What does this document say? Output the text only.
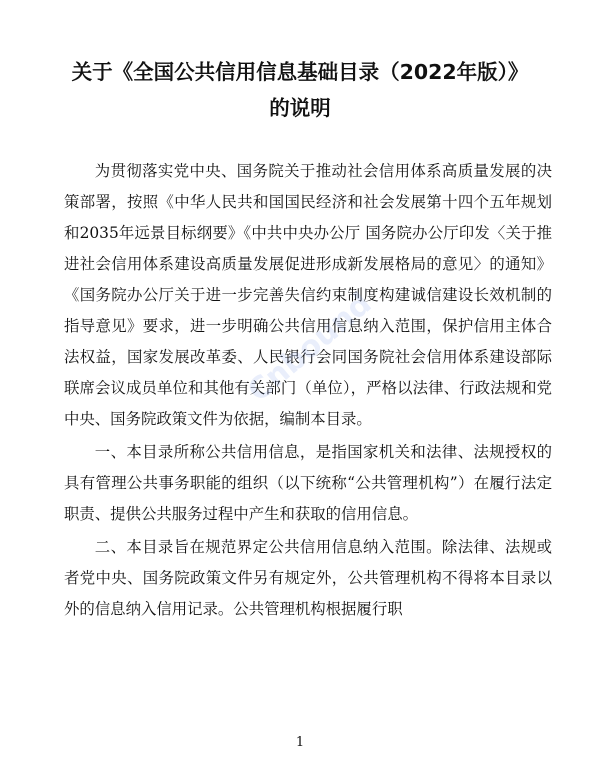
关于《全国公共信用信息基础目录（2022年版）》

的说明

为贯彻落实党中央、国务院关于推动社会信用体系高质量发展的决策部署，按照《中华人民共和国国民经济和社会发展第十四个五年规划和2035年远景目标纲要》《中共中央办公厅 国务院办公厅印发〈关于推进社会信用体系建设高质量发展促进形成新发展格局的意见〉的通知》《国务院办公厅关于进一步完善失信约束制度构建诚信建设长效机制的指导意见》要求，进一步明确公共信用信息纳入范围，保护信用主体合法权益，国家发展改革委、人民银行会同国务院社会信用体系建设部际联席会议成员单位和其他有关部门（单位），严格以法律、行政法规和党中央、国务院政策文件为依据，编制本目录。

一、本目录所称公共信用信息，是指国家机关和法律、法规授权的具有管理公共事务职能的组织（以下统称“公共管理机构”）在履行法定职责、提供公共服务过程中产生和获取的信用信息。

二、本目录旨在规范界定公共信用信息纳入范围。除法律、法规或者党中央、国务院政策文件另有规定外，公共管理机构不得将本目录以外的信息纳入信用记录。公共管理机构根据履行职

Cnbound
1
